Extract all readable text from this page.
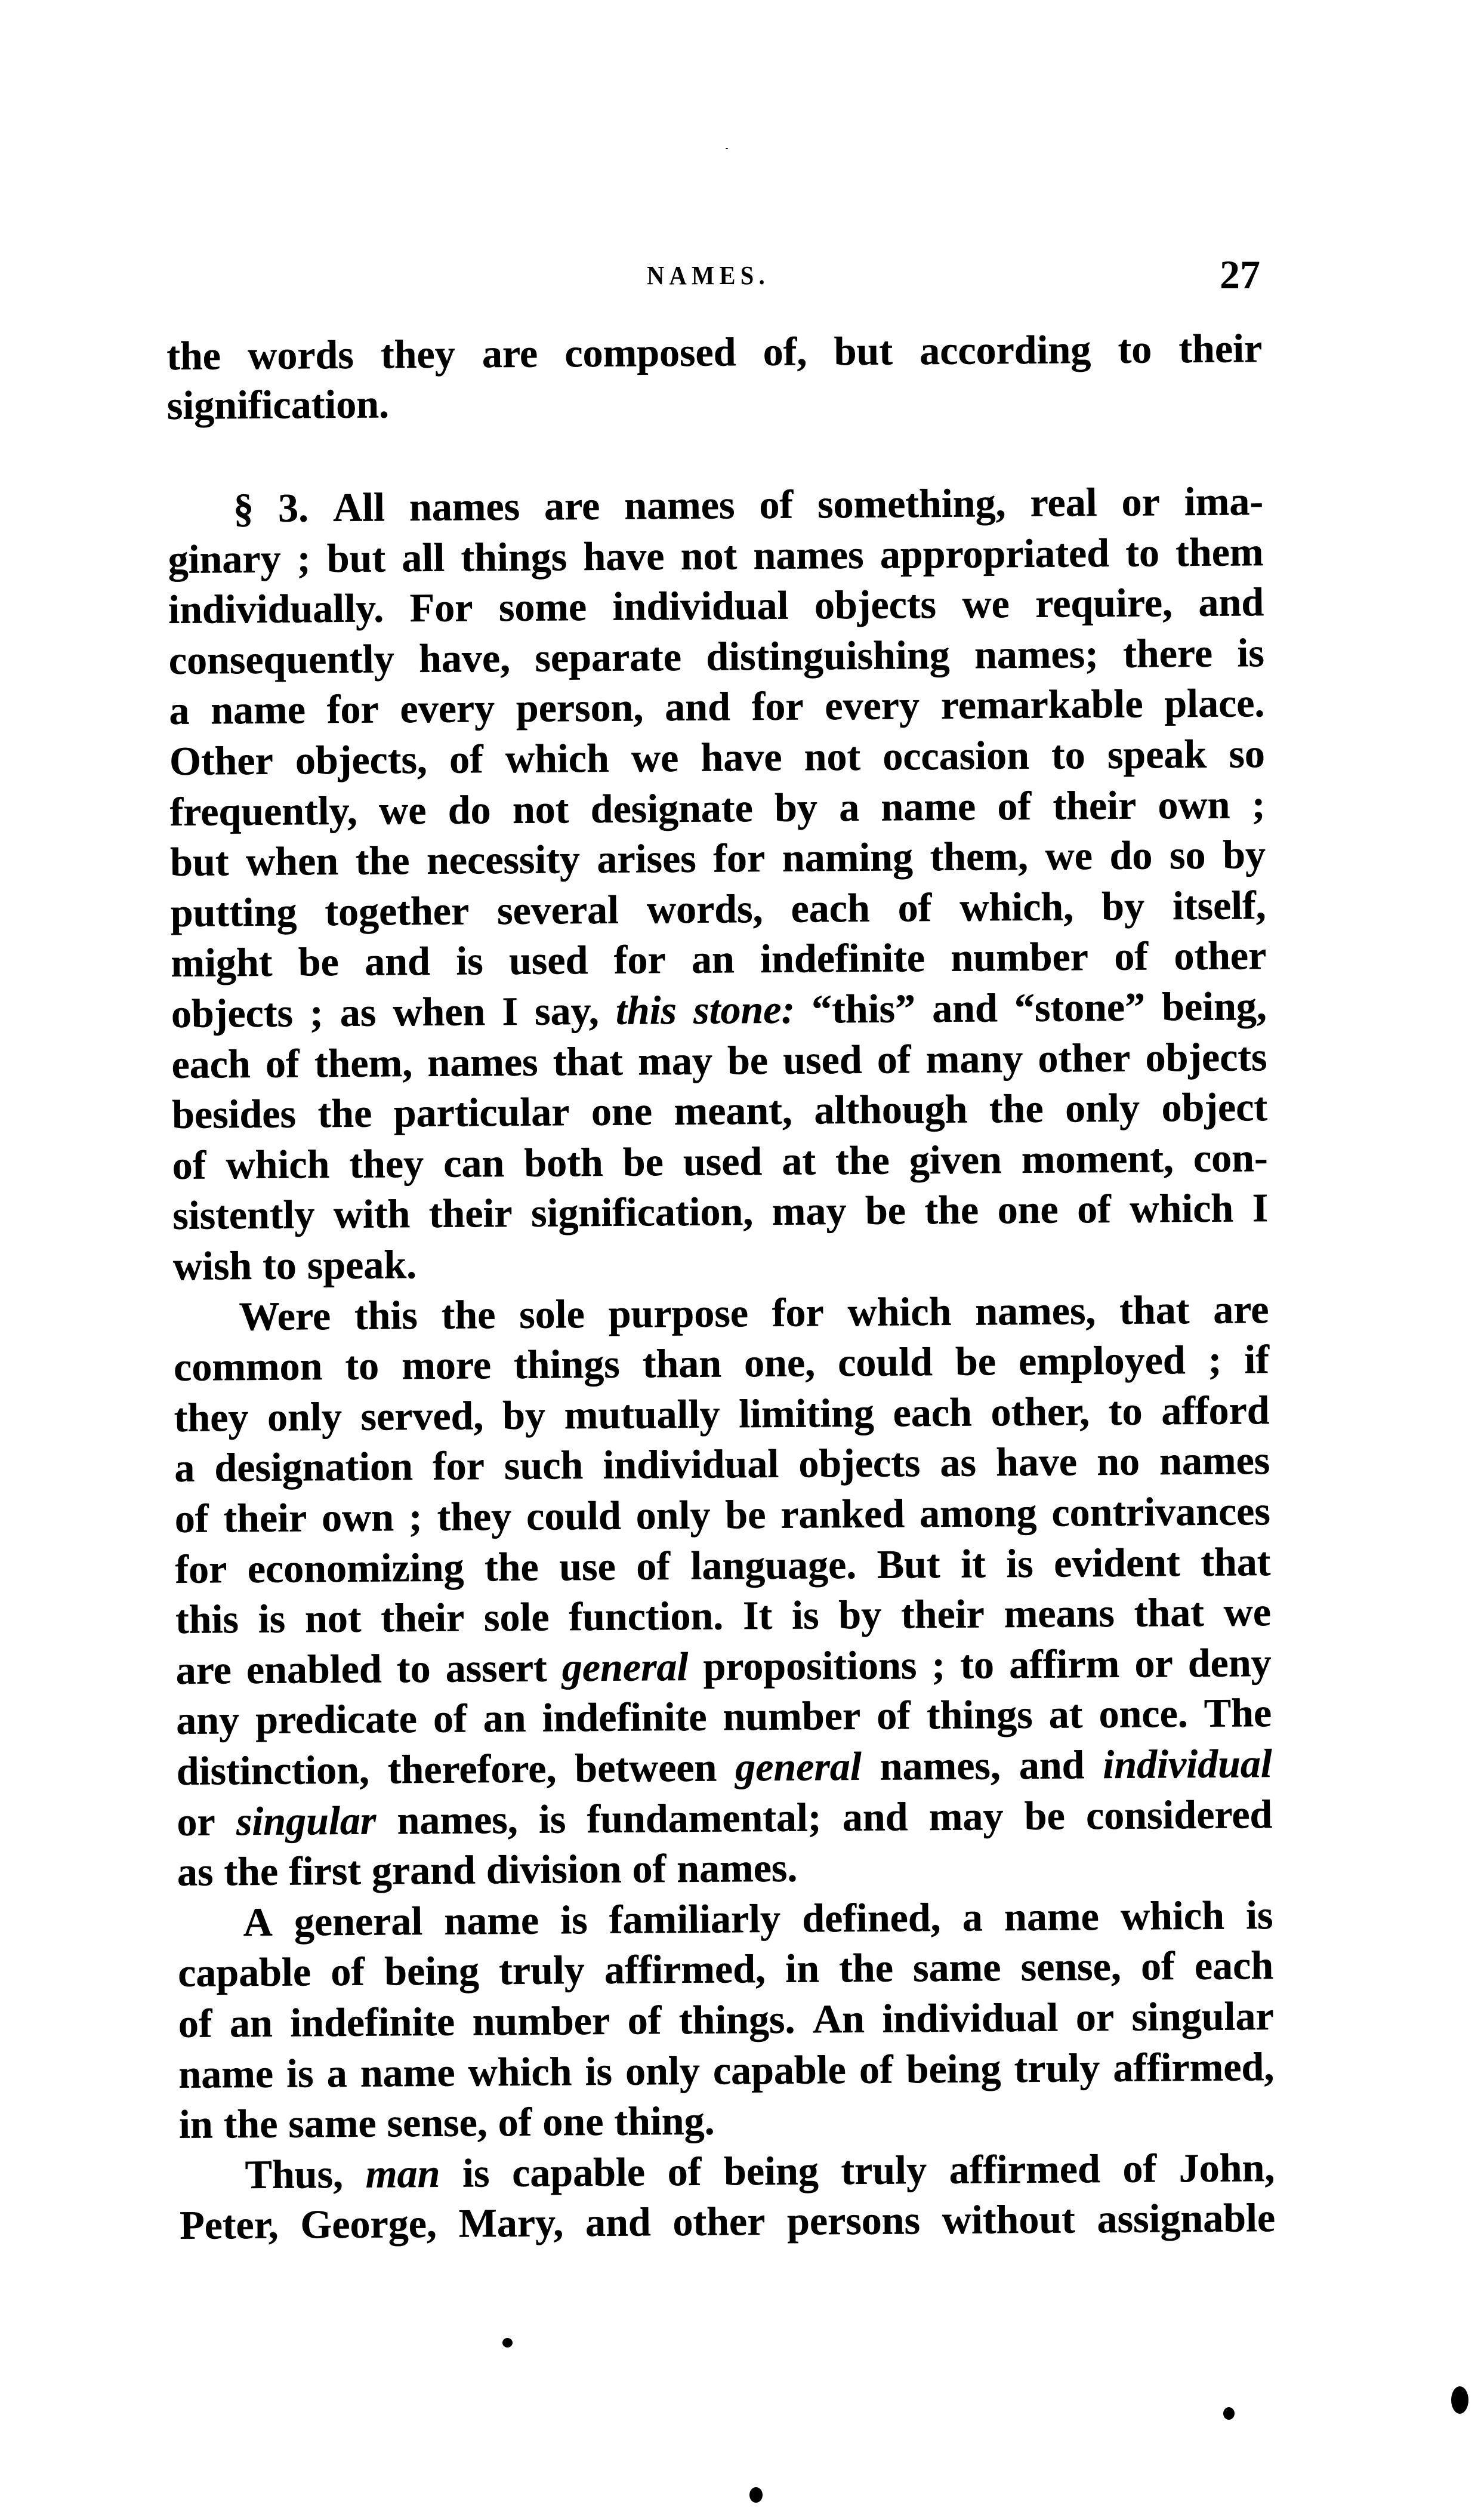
NAMES.	27
the words they are composed of, but according to their
signification.
§ 3. All names are names of something, real or ima-
ginary ; but all things have not names appropriated to them
individually. For some individual objects we require, and
consequently have, separate distinguishing names; there is
a name for every person, and for every remarkable place.
Other objects, of which we have not occasion to speak so
frequently, we do not designate by a name of their own ;
but when the necessity arises for naming them, we do so by
putting together several words, each of which, by itself,
might be and is used for an indefinite number of other
objects ; as when I say, this stone: “this” and “stone” being,
each of them, names that may be used of many other objects
besides the particular one meant, although the only object
of which they can both be used at the given moment, con-
sistently with their signification, may be the one of which I
wish to speak.
Were this the sole purpose for which names, that are
common to more things than one, could be employed ; if
they only served, by mutually limiting each other, to afford
a designation for such individual objects as have no names
of their own ; they could only be ranked among contrivances
for economizing the use of language. But it is evident that
this is not their sole function. It is by their means that we
are enabled to assert general propositions ; to affirm or deny
any predicate of an indefinite number of things at once. The
distinction, therefore, between general names, and individual
or singular names, is fundamental; and may be considered
as the first grand division of names.
A general name is familiarly defined, a name which is
capable of being truly affirmed, in the same sense, of each
of an indefinite number of things. An individual or singular
name is a name which is only capable of being truly affirmed,
in the same sense, of one thing.
Thus, man is capable of being truly affirmed of John,
Peter, George, Mary, and other persons without assignable
